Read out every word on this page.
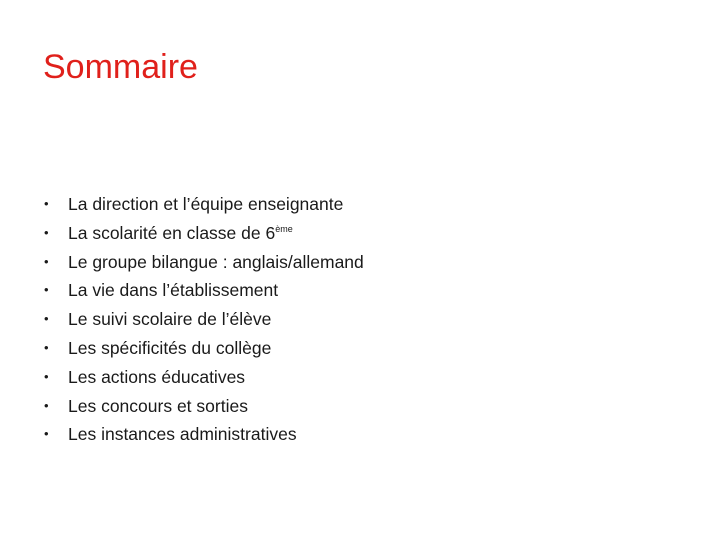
Sommaire
•	La direction et l’équipe enseignante
•	La scolarité en classe de 6ème
•	Le groupe bilangue : anglais/allemand
•	La vie dans l’établissement
•	Le suivi scolaire de l’élève
•	Les spécificités du collège
•	Les actions éducatives
•	Les concours et sorties
•	Les instances administratives
